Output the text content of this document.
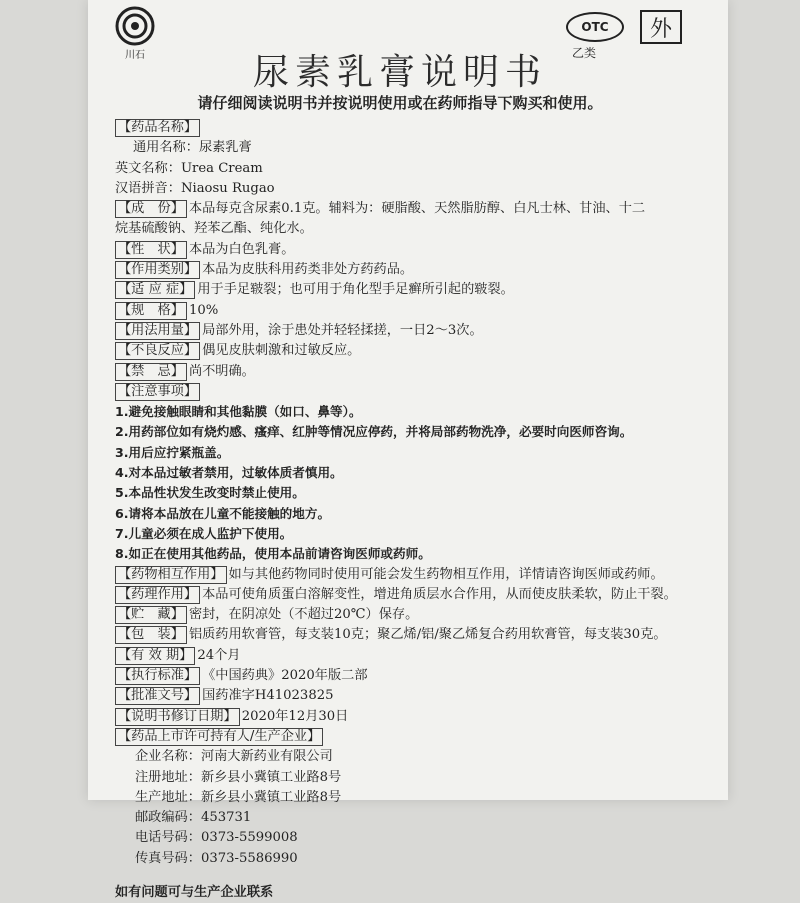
川石
OTC
乙类
外
尿素乳膏说明书
请仔细阅读说明书并按说明使用或在药师指导下购买和使用。
【药品名称】
通用名称：尿素乳膏
英文名称：Urea Cream
汉语拼音：Niaosu Rugao
【成　份】 本品每克含尿素0.1克。辅料为：硬脂酸、天然脂肪醇、白凡士林、甘油、十二
烷基硫酸钠、羟苯乙酯、纯化水。
【性　状】 本品为白色乳膏。
【作用类别】 本品为皮肤科用药类非处方药药品。
【适 应 症】 用于手足皲裂；也可用于角化型手足癣所引起的皲裂。
【规　格】 10%
【用法用量】 局部外用，涂于患处并轻轻揉搓，一日2～3次。
【不良反应】 偶见皮肤刺激和过敏反应。
【禁　忌】 尚不明确。
【注意事项】
1.避免接触眼睛和其他黏膜（如口、鼻等）。
2.用药部位如有烧灼感、瘙痒、红肿等情况应停药，并将局部药物洗净，必要时向医师咨询。
3.用后应拧紧瓶盖。
4.对本品过敏者禁用，过敏体质者慎用。
5.本品性状发生改变时禁止使用。
6.请将本品放在儿童不能接触的地方。
7.儿童必须在成人监护下使用。
8.如正在使用其他药品，使用本品前请咨询医师或药师。
【药物相互作用】 如与其他药物同时使用可能会发生药物相互作用，详情请咨询医师或药师。
【药理作用】 本品可使角质蛋白溶解变性，增进角质层水合作用，从而使皮肤柔软，防止干裂。
【贮　藏】 密封，在阴凉处（不超过20℃）保存。
【包　装】 铝质药用软膏管，每支装10克；聚乙烯/铝/聚乙烯复合药用软膏管，每支装30克。
【有 效 期】 24个月
【执行标准】 《中国药典》2020年版二部
【批准文号】 国药准字H41023825
【说明书修订日期】 2020年12月30日
【药品上市许可持有人/生产企业】
企业名称：河南大新药业有限公司
注册地址：新乡县小冀镇工业路8号
生产地址：新乡县小冀镇工业路8号
邮政编码：453731
电话号码：0373-5599008
传真号码：0373-5586990
如有问题可与生产企业联系
